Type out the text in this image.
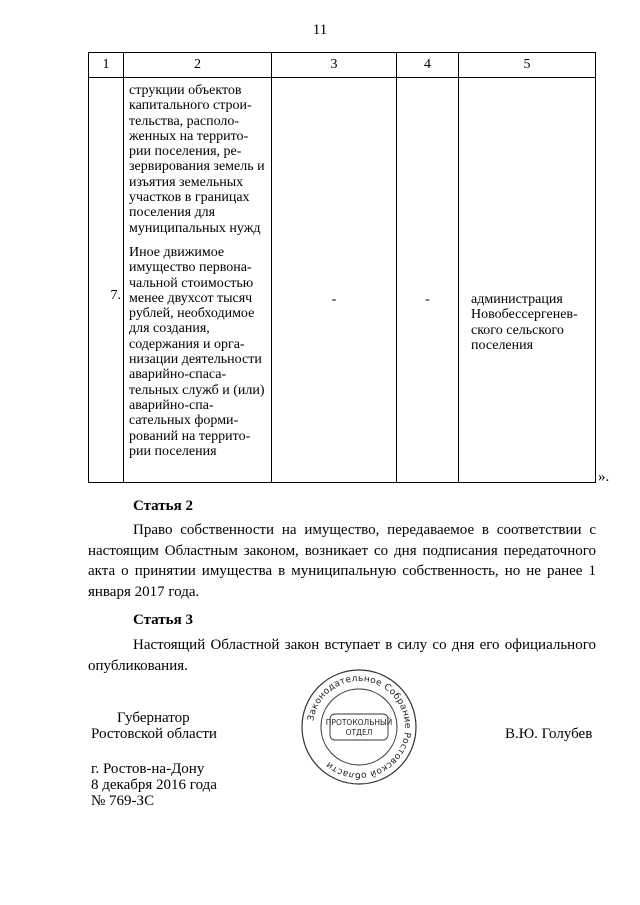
11
1	2	3	4	5

7.	струкции объектов капитального строительства, расположенных на территории поселения, резервирования земель и изъятия земельных участков в границах поселения для муниципальных нужд
Иное движимое имущество первоначальной стоимостью менее двухсот тысяч рублей, необходимое для создания, содержания и организации деятельности аварийно-спасательных служб и (или) аварийно-спасательных формирований на территории поселения	-	-	администрация Новобессергеневского сельского поселения
».
Статья 2
Право собственности на имущество, передаваемое в соответствии с настоящим Областным законом, возникает со дня подписания передаточного акта о принятии имущества в муниципальную собственность, но не ранее 1 января 2017 года.
Статья 3
Настоящий Областной закон вступает в силу со дня его официального опубликования.
Губернатор
Ростовской области	В.Ю. Голубев
Законодательное Собрание Ростовской области
ПРОТОКОЛЬНЫЙ
ОТДЕЛ
г. Ростов-на-Дону
8 декабря 2016 года
№ 769-ЗС
